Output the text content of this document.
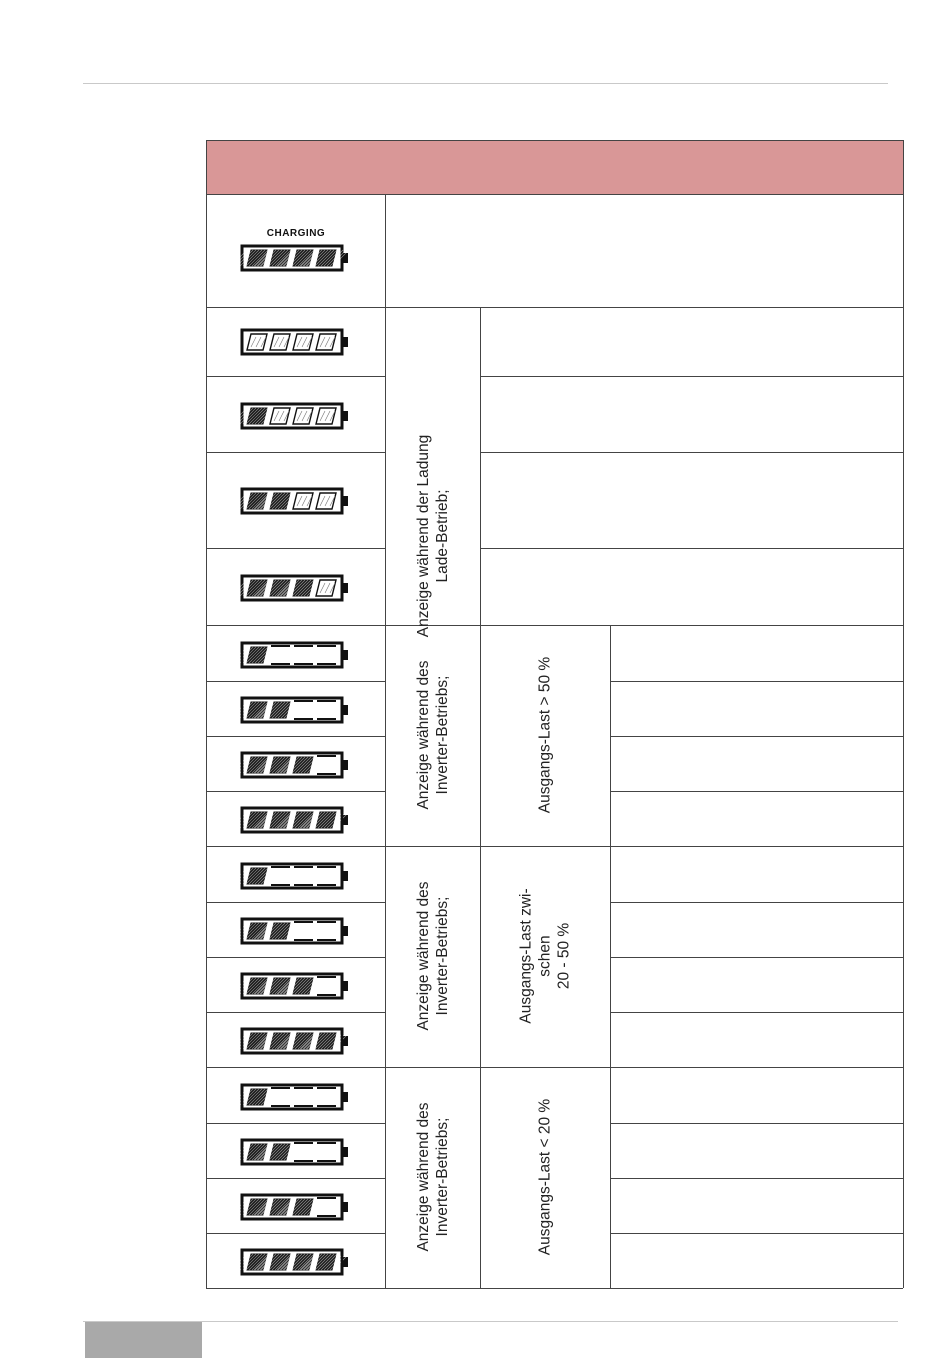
CHARGING
Anzeige während der Ladung Lade-Betrieb;
Anzeige während des Inverter-Betriebs;	Ausgangs-Last > 50 %
Anzeige während des Inverter-Betriebs;	Ausgangs-Last zwi- schen 20 - 50 %
Anzeige während des Inverter-Betriebs;	Ausgangs-Last < 20 %
